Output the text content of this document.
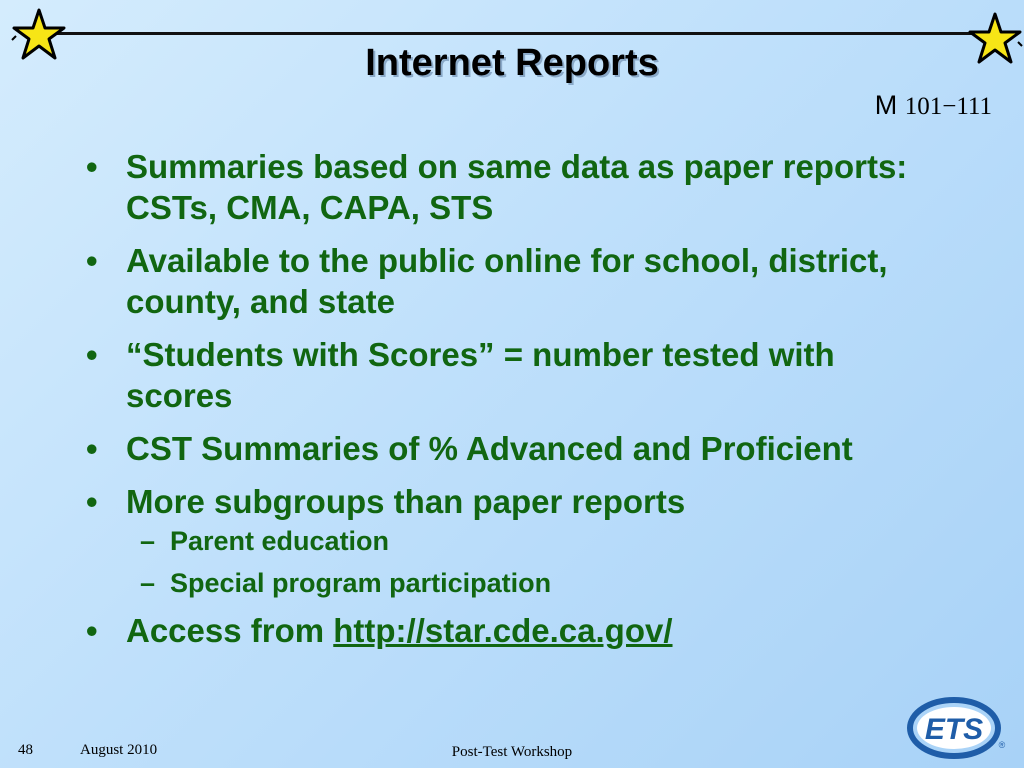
Internet Reports
M 101−111
• Summaries based on same data as paper reports: CSTs, CMA, CAPA, STS
• Available to the public online for school, district, county, and state
• “Students with Scores” = number tested with scores
• CST Summaries of % Advanced and Proficient
• More subgroups than paper reports
– Parent education
– Special program participation
• Access from http://star.cde.ca.gov/
48	August 2010	Post-Test Workshop
ETS ®
